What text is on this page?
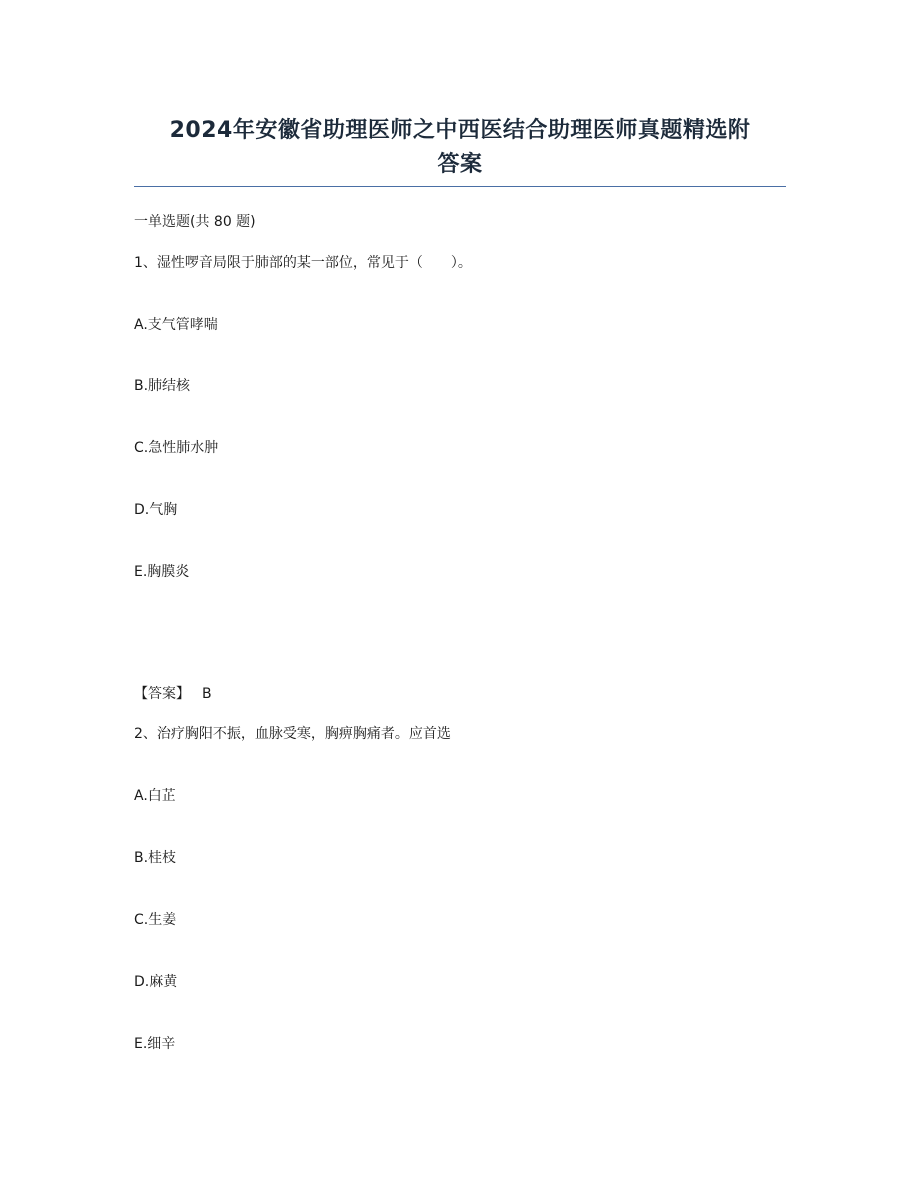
2024年安徽省助理医师之中西医结合助理医师真题精选附
答案
一单选题(共 80 题)
1、湿性啰音局限于肺部的某一部位，常见于（　　）。
A.支气管哮喘
B.肺结核
C.急性肺水肿
D.气胸
E.胸膜炎
【答案】 B
2、治疗胸阳不振，血脉受寒，胸痹胸痛者。应首选
A.白芷
B.桂枝
C.生姜
D.麻黄
E.细辛
